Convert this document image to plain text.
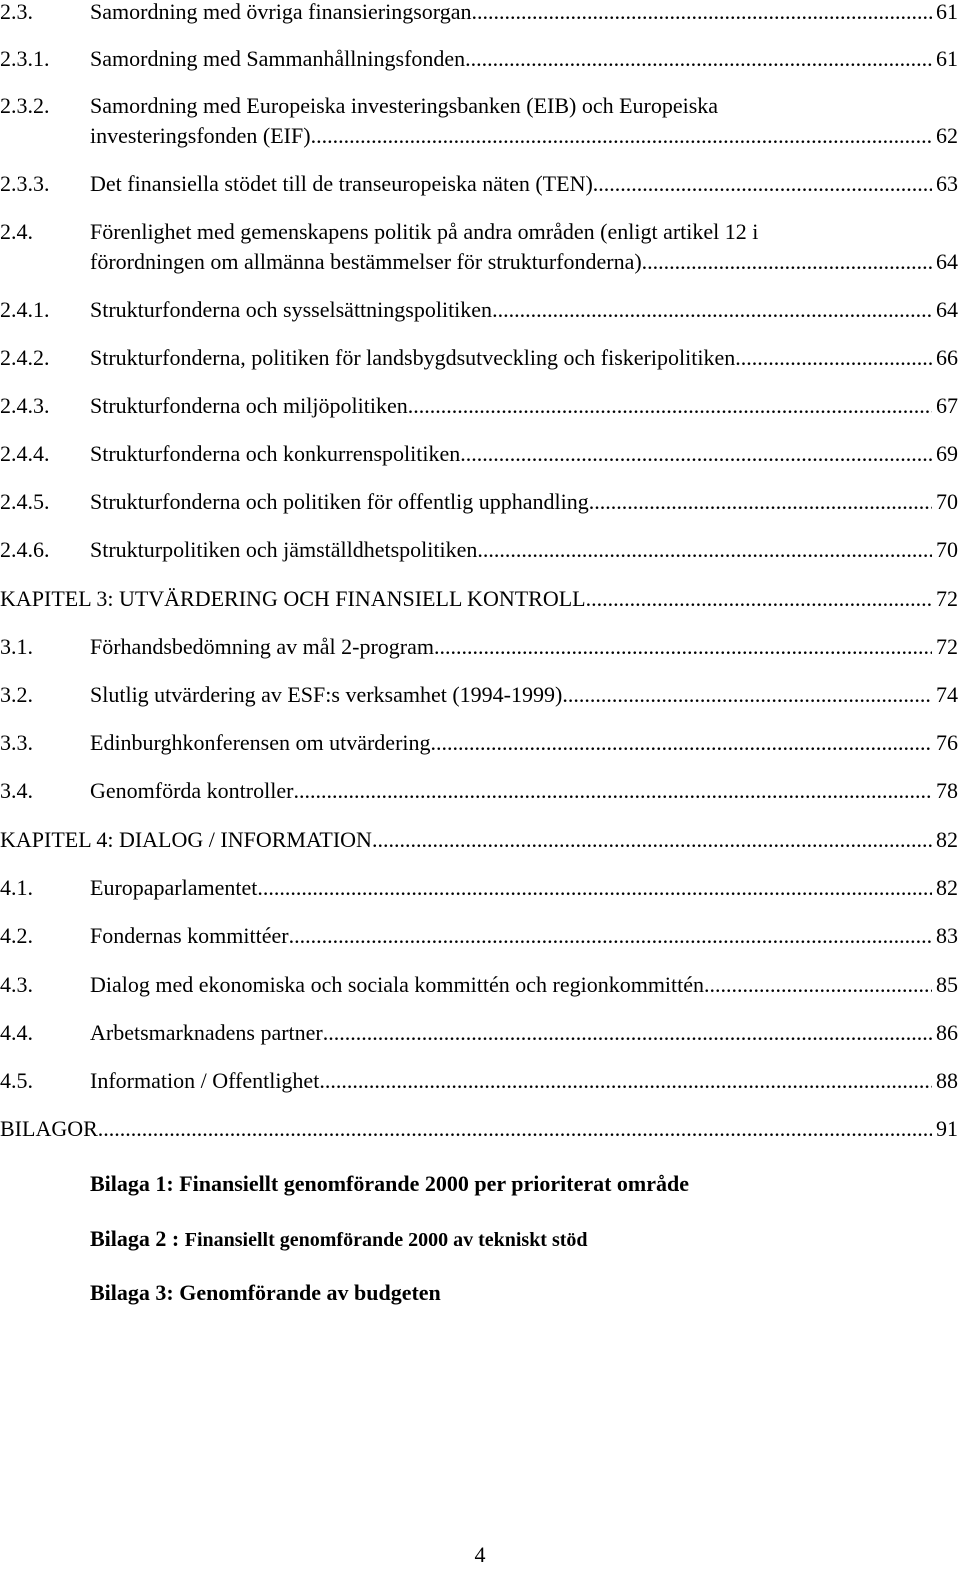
2.3.	Samordning med övriga finansieringsorgan .....	61
2.3.1. Samordning med Sammanhållningsfonden .....	61
2.3.2. Samordning med Europeiska investeringsbanken (EIB) och Europeiska
investeringsfonden (EIF) .....	62
2.3.3. Det finansiella stödet till de transeuropeiska näten (TEN) .....	63
2.4.	Förenlighet med gemenskapens politik på andra områden (enligt artikel 12 i
förordningen om allmänna bestämmelser för strukturfonderna) .....	64
2.4.1. Strukturfonderna och sysselsättningspolitiken .....	64
2.4.2. Strukturfonderna, politiken för landsbygdsutveckling och fiskeripolitiken .....	66
2.4.3. Strukturfonderna och miljöpolitiken .....	67
2.4.4. Strukturfonderna och konkurrenspolitiken .....	69
2.4.5. Strukturfonderna och politiken för offentlig upphandling .....	70
2.4.6. Strukturpolitiken och jämställdhetspolitiken .....	70
KAPITEL 3: UTVÄRDERING OCH FINANSIELL KONTROLL .....	72
3.1.	Förhandsbedömning av mål 2-program .....	72
3.2.	Slutlig utvärdering av ESF:s verksamhet (1994-1999) .....	74
3.3.	Edinburghkonferensen om utvärdering .....	76
3.4.	Genomförda kontroller .....	78
KAPITEL 4: DIALOG / INFORMATION .....	82
4.1.	Europaparlamentet .....	82
4.2.	Fondernas kommittéer .....	83
4.3.	Dialog med ekonomiska och sociala kommittén och regionkommittén .....	85
4.4.	Arbetsmarknadens partner .....	86
4.5.	Information / Offentlighet .....	88
BILAGOR .....	91
Bilaga 1: Finansiellt genomförande 2000 per prioriterat område
Bilaga 2 : Finansiellt genomförande 2000 av tekniskt stöd
Bilaga 3: Genomförande av budgeten
4
